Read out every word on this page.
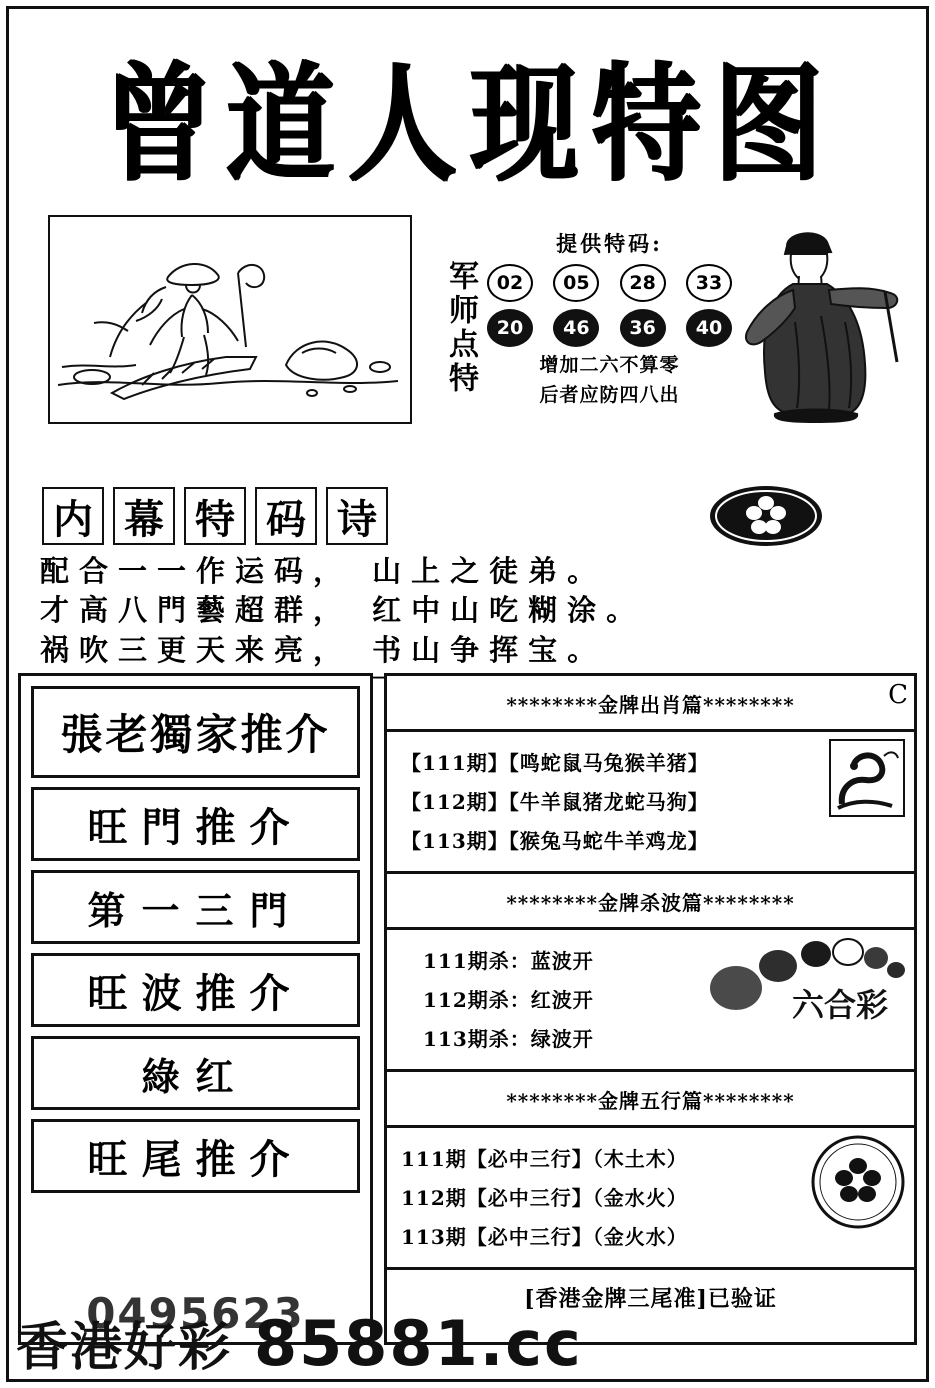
曾道人现特图
军师点特
提供特码:
02	05	28	33
20	46	36	40
增加二六不算零
后者应防四八出
内 幕 特 码 诗
配合一一作运码， 山上之徒弟。
才高八門藝超群， 红中山吃糊涂。
祸吹三更天来亮， 书山争挥宝。
張老獨家推介
旺門推介
第一三門
旺波推介
綠红
旺尾推介
0495623
C
********金牌出肖篇********
【111期】【鸣蛇鼠马兔猴羊猪】
【112期】【牛羊鼠猪龙蛇马狗】
【113期】【猴兔马蛇牛羊鸡龙】
********金牌杀波篇********
111期杀：蓝波开
112期杀：红波开
113期杀：绿波开
六合彩
********金牌五行篇********
111期【必中三行】（木土木）
112期【必中三行】（金水火）
113期【必中三行】（金火水）
[香港金牌三尾准]已验证
香港好彩 85881.cc
